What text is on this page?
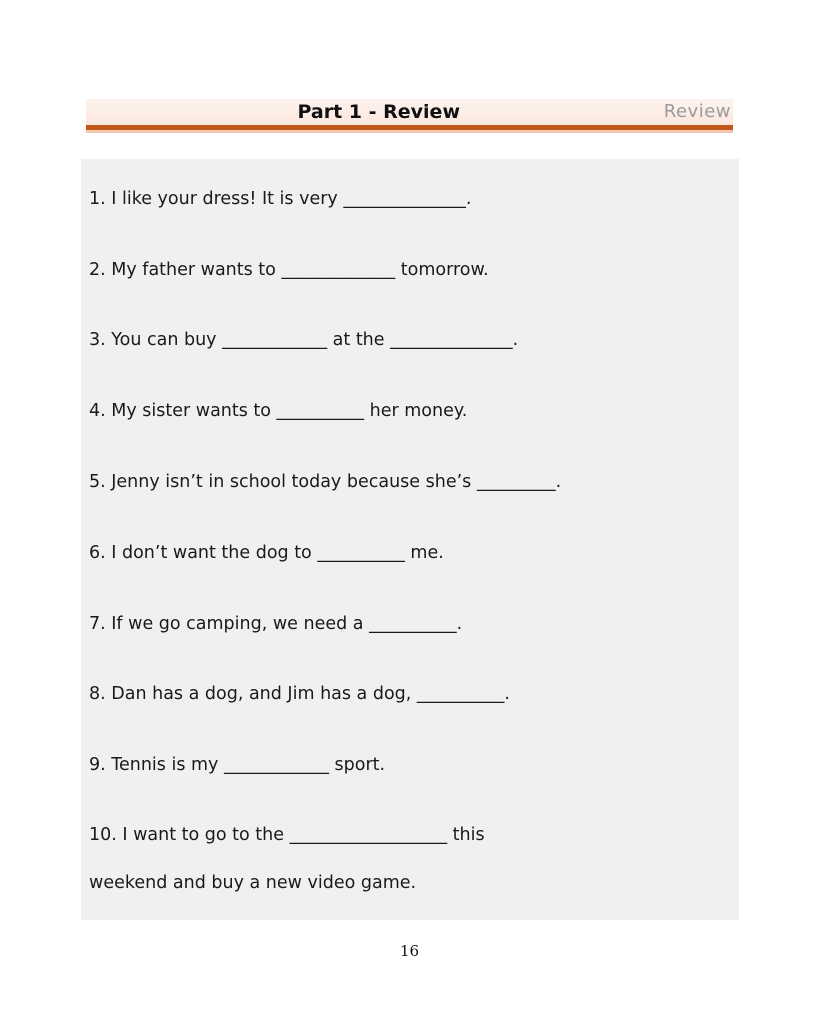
Part 1 - Review	Review
1. I like your dress! It is very ______________.
2. My father wants to _____________ tomorrow.
3. You can buy ____________ at the ______________.
4. My sister wants to __________ her money.
5. Jenny isn’t in school today because she’s _________.
6. I don’t want the dog to __________ me.
7. If we go camping, we need a __________.
8. Dan has a dog, and Jim has a dog, __________.
9. Tennis is my ____________ sport.
10. I want to go to the __________________ this
weekend and buy a new video game.
16
